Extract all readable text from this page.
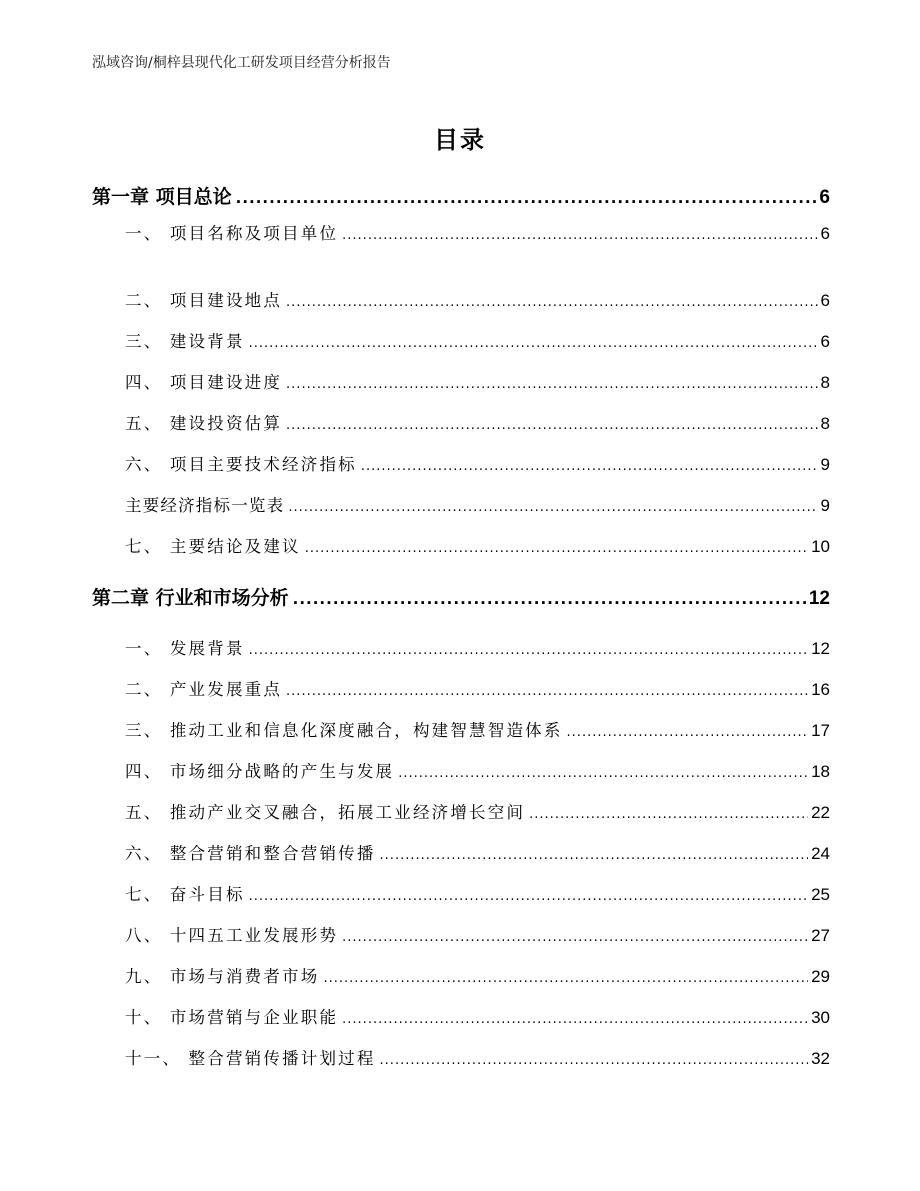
泓域咨询/桐梓县现代化工研发项目经营分析报告
目录
第一章 项目总论 .....	6
一、 项目名称及项目单位 .....	6
二、 项目建设地点 .....	6
三、 建设背景 .....	6
四、 项目建设进度 .....	8
五、 建设投资估算 .....	8
六、 项目主要技术经济指标 .....	9
主要经济指标一览表 .....	9
七、 主要结论及建议 .....	10
第二章 行业和市场分析 .....	12
一、 发展背景 .....	12
二、 产业发展重点 .....	16
三、 推动工业和信息化深度融合，构建智慧智造体系 .....	17
四、 市场细分战略的产生与发展 .....	18
五、 推动产业交叉融合，拓展工业经济增长空间 .....	22
六、 整合营销和整合营销传播 .....	24
七、 奋斗目标 .....	25
八、 十四五工业发展形势 .....	27
九、 市场与消费者市场 .....	29
十、 市场营销与企业职能 .....	30
十一、 整合营销传播计划过程 .....	32
